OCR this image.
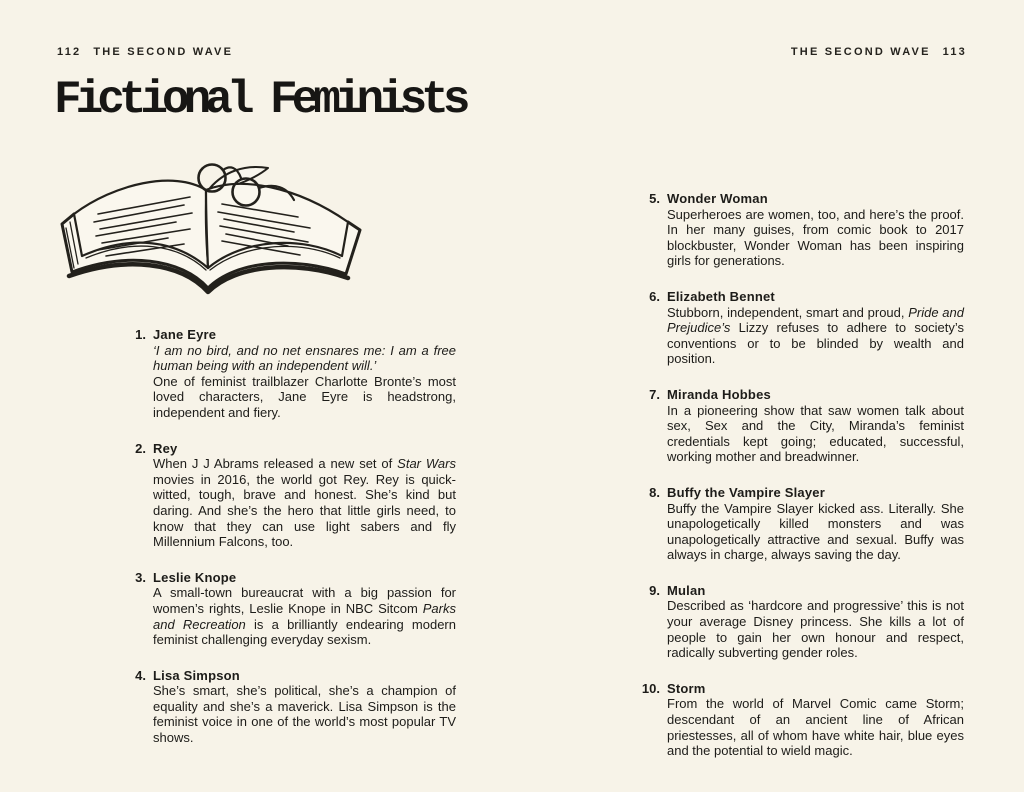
112 THE SECOND WAVE	THE SECOND WAVE 113
Fictional Feminists
1. Jane Eyre

‘I am no bird, and no net ensnares me: I am a free human being with an independent will.’

One of feminist trailblazer Charlotte Bronte’s most loved characters, Jane Eyre is headstrong, independent and fiery.

2. Rey

When J J Abrams released a new set of Star Wars movies in 2016, the world got Rey. Rey is quick-witted, tough, brave and honest. She’s kind but daring. And she’s the hero that little girls need, to know that they can use light sabers and fly Millennium Falcons, too.

3. Leslie Knope

A small-town bureaucrat with a big passion for women’s rights, Leslie Knope in NBC Sitcom Parks and Recreation is a brilliantly endearing modern feminist challenging everyday sexism.

4. Lisa Simpson

She’s smart, she’s political, she’s a champion of equality and she’s a maverick. Lisa Simpson is the feminist voice in one of the world’s most popular TV shows.

5. Wonder Woman

Superheroes are women, too, and here’s the proof. In her many guises, from comic book to 2017 blockbuster, Wonder Woman has been inspiring girls for generations.

6. Elizabeth Bennet

Stubborn, independent, smart and proud, Pride and Prejudice’s Lizzy refuses to adhere to society’s conventions or to be blinded by wealth and position.

7. Miranda Hobbes

In a pioneering show that saw women talk about sex, Sex and the City, Miranda’s feminist credentials kept going; educated, successful, working mother and breadwinner.

8. Buffy the Vampire Slayer

Buffy the Vampire Slayer kicked ass. Literally. She unapologetically killed monsters and was unapologetically attractive and sexual. Buffy was always in charge, always saving the day.

9. Mulan

Described as ‘hardcore and progressive’ this is not your average Disney princess. She kills a lot of people to gain her own honour and respect, radically subverting gender roles.

10. Storm

From the world of Marvel Comic came Storm; descendant of an ancient line of African priestesses, all of whom have white hair, blue eyes and the potential to wield magic.
